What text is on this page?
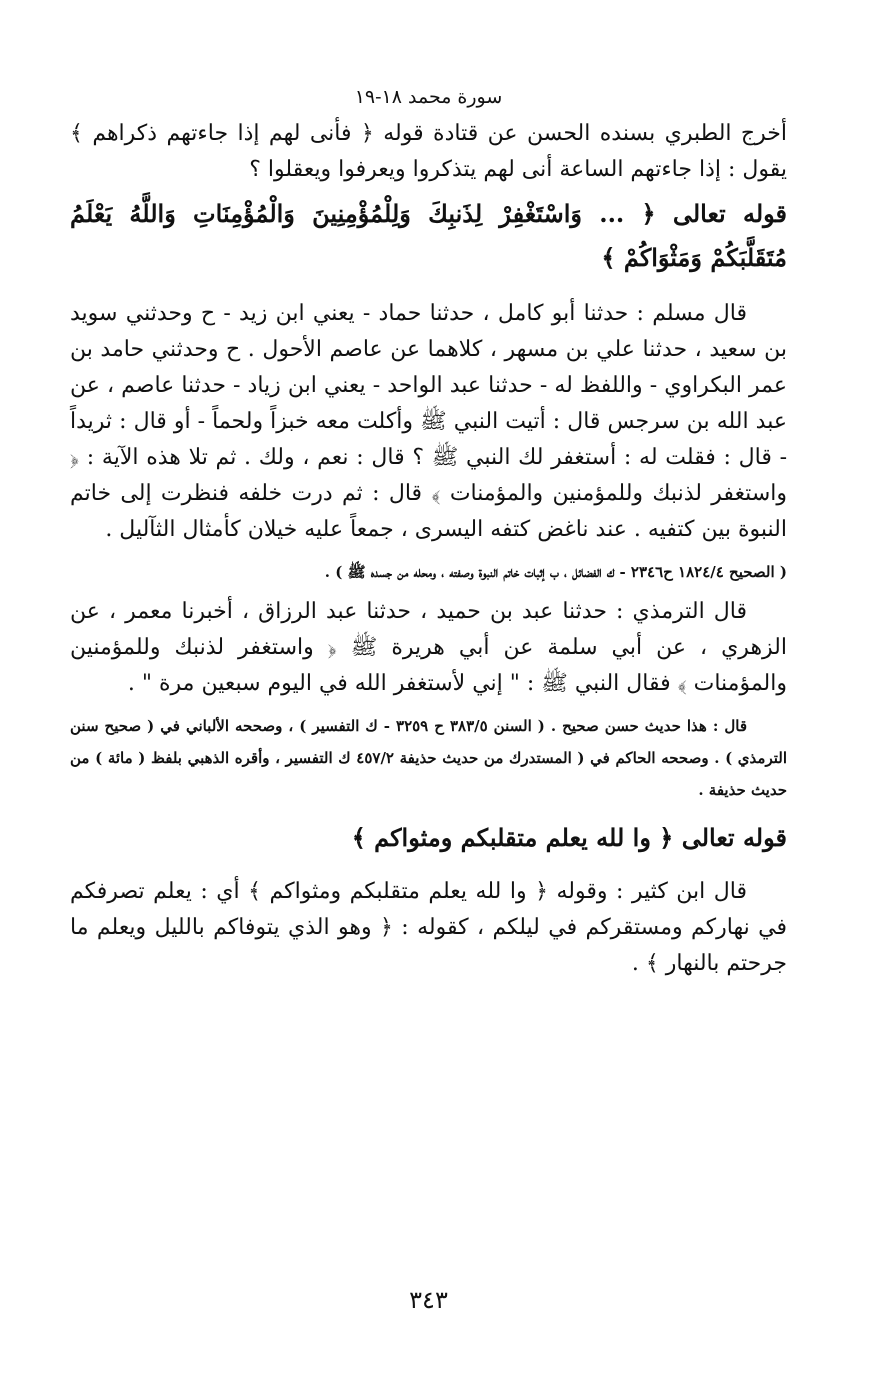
سورة محمد ١٨-١٩

أخرج الطبري بسنده الحسن عن قتادة قوله ﴿ فأنى لهم إذا جاءتهم ذكراهم ﴾ يقول : إذا جاءتهم الساعة أنى لهم يتذكروا ويعرفوا ويعقلوا ؟

قوله تعالى ﴿ ... وَاسْتَغْفِرْ لِذَنبِكَ وَلِلْمُؤْمِنِينَ وَالْمُؤْمِنَاتِ وَاللَّهُ يَعْلَمُ مُتَقَلَّبَكُمْ وَمَثْوَاكُمْ ﴾

قال مسلم : حدثنا أبو كامل ، حدثنا حماد - يعني ابن زيد - ح وحدثني سويد بن سعيد ، حدثنا علي بن مسهر ، كلاهما عن عاصم الأحول . ح وحدثني حامد بن عمر البكراوي - واللفظ له - حدثنا عبد الواحد - يعني ابن زياد - حدثنا عاصم ، عن عبد الله بن سرجس قال : أتيت النبي ﷺ وأكلت معه خبزاً ولحماً - أو قال : ثريداً - قال : فقلت له : أستغفر لك النبي ﷺ ؟ قال : نعم ، ولك . ثم تلا هذه الآية : ﴿ واستغفر لذنبك وللمؤمنين والمؤمنات ﴾ قال : ثم درت خلفه فنظرت إلى خاتم النبوة بين كتفيه . عند ناغض كتفه اليسرى ، جمعاً عليه خيلان كأمثال الثآليل .

( الصحيح ١٨٢٤/٤ ح٢٣٤٦ - ك الفضائل ، ب إثبات خاتم النبوة وصفته ، ومحله من جسده ﷺ ) .

قال الترمذي : حدثنا عبد بن حميد ، حدثنا عبد الرزاق ، أخبرنا معمر ، عن الزهري ، عن أبي سلمة عن أبي هريرة ﷺ ﴿ واستغفر لذنبك وللمؤمنين والمؤمنات ﴾ فقال النبي ﷺ : " إني لأستغفر الله في اليوم سبعين مرة " .

قال : هذا حديث حسن صحيح . ( السنن ٣٨٣/٥ ح ٣٢٥٩ - ك التفسير ) ، وصححه الألباني في ( صحيح سنن الترمذي ) . وصححه الحاكم في ( المستدرك من حديث حذيفة ٤٥٧/٢ ك التفسير ، وأقره الذهبي بلفظ ( مائة ) من حديث حذيفة .

قوله تعالى ﴿ وا لله يعلم متقلبكم ومثواكم ﴾

قال ابن كثير : وقوله ﴿ وا لله يعلم متقلبكم ومثواكم ﴾ أي : يعلم تصرفكم في نهاركم ومستقركم في ليلكم ، كقوله : ﴿ وهو الذي يتوفاكم بالليل ويعلم ما جرحتم بالنهار ﴾ .

٣٤٣
